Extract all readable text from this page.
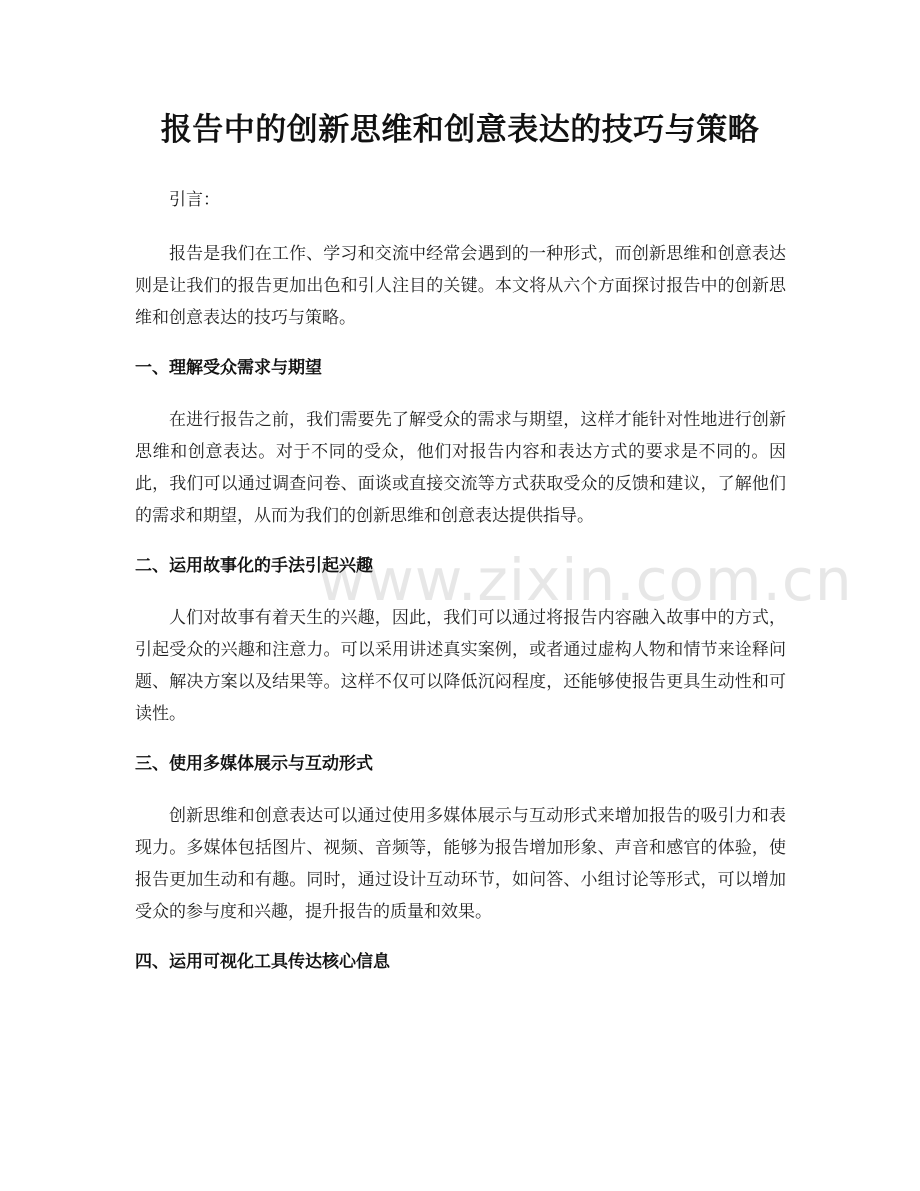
www.zixin.com.cn
报告中的创新思维和创意表达的技巧与策略

引言：

报告是我们在工作、学习和交流中经常会遇到的一种形式，而创新思维和创意表达则是让我们的报告更加出色和引人注目的关键。本文将从六个方面探讨报告中的创新思维和创意表达的技巧与策略。

一、理解受众需求与期望

在进行报告之前，我们需要先了解受众的需求与期望，这样才能针对性地进行创新思维和创意表达。对于不同的受众，他们对报告内容和表达方式的要求是不同的。因此，我们可以通过调查问卷、面谈或直接交流等方式获取受众的反馈和建议，了解他们的需求和期望，从而为我们的创新思维和创意表达提供指导。

二、运用故事化的手法引起兴趣

人们对故事有着天生的兴趣，因此，我们可以通过将报告内容融入故事中的方式，引起受众的兴趣和注意力。可以采用讲述真实案例，或者通过虚构人物和情节来诠释问题、解决方案以及结果等。这样不仅可以降低沉闷程度，还能够使报告更具生动性和可读性。

三、使用多媒体展示与互动形式

创新思维和创意表达可以通过使用多媒体展示与互动形式来增加报告的吸引力和表现力。多媒体包括图片、视频、音频等，能够为报告增加形象、声音和感官的体验，使报告更加生动和有趣。同时，通过设计互动环节，如问答、小组讨论等形式，可以增加受众的参与度和兴趣，提升报告的质量和效果。

四、运用可视化工具传达核心信息
